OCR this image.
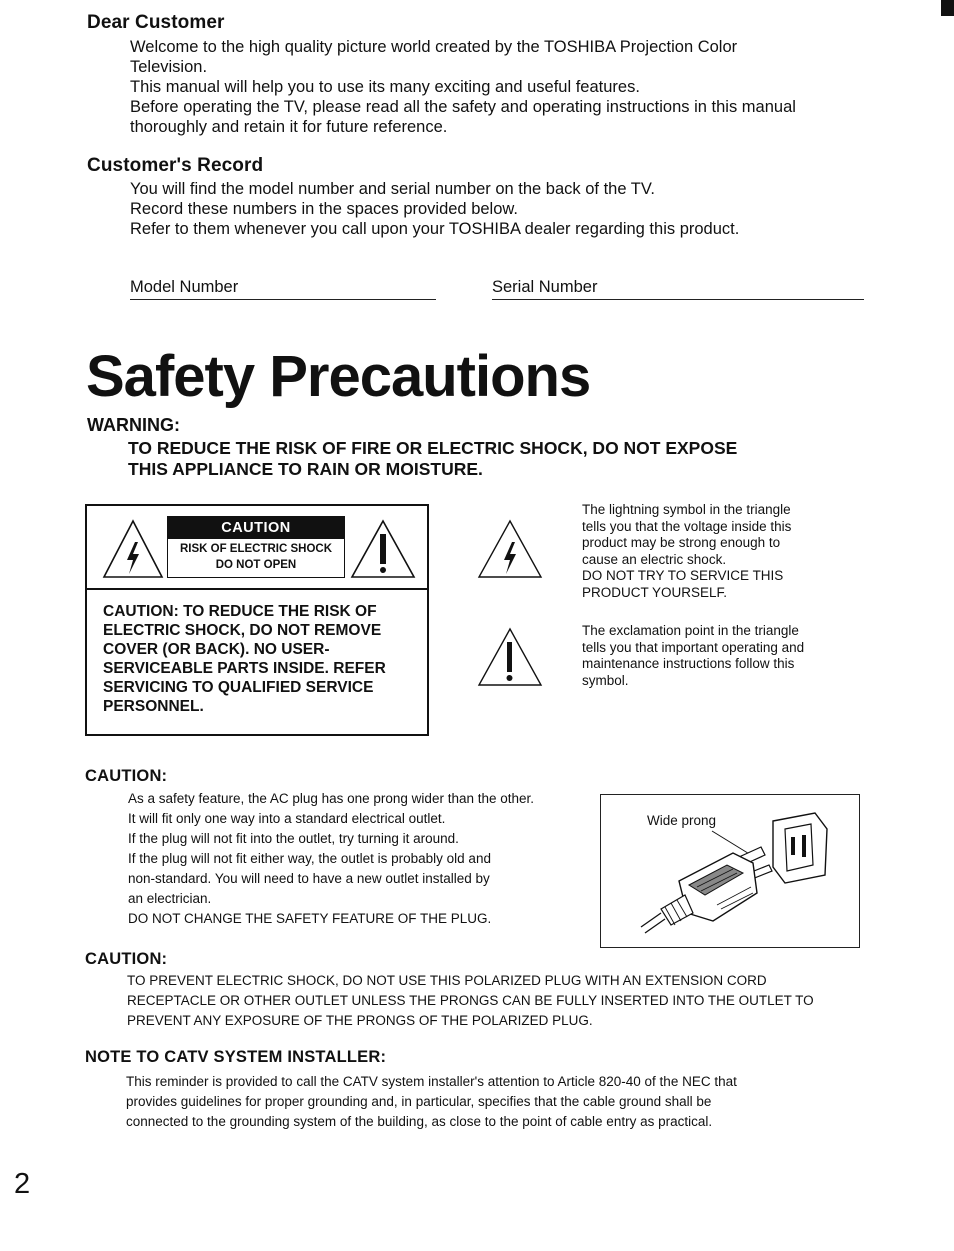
Dear Customer
Welcome to the high quality picture world created by the TOSHIBA Projection Color
Television.
This manual will help you to use its many exciting and useful features.
Before operating the TV, please read all the safety and operating instructions in this manual
thoroughly and retain it for future reference.
Customer's Record
You will find the model number and serial number on the back of the TV.
Record these numbers in the spaces provided below.
Refer to them whenever you call upon your TOSHIBA dealer regarding this product.
Model Number	Serial Number
Safety Precautions
WARNING:
TO REDUCE THE RISK OF FIRE OR ELECTRIC SHOCK, DO NOT EXPOSE
THIS APPLIANCE TO RAIN OR MOISTURE.
CAUTION
RISK OF ELECTRIC SHOCK
DO NOT OPEN
CAUTION: TO REDUCE THE RISK OF
ELECTRIC SHOCK, DO NOT REMOVE
COVER (OR BACK). NO USER-
SERVICEABLE PARTS INSIDE. REFER
SERVICING TO QUALIFIED SERVICE
PERSONNEL.
The lightning symbol in the triangle
tells you that the voltage inside this
product may be strong enough to
cause an electric shock.
DO NOT TRY TO SERVICE THIS
PRODUCT YOURSELF.
The exclamation point in the triangle
tells you that important operating and
maintenance instructions follow this
symbol.
CAUTION:
As a safety feature, the AC plug has one prong wider than the other.
It will fit only one way into a standard electrical outlet.
If the plug will not fit into the outlet, try turning it around.
If the plug will not fit either way, the outlet is probably old and
non-standard. You will need to have a new outlet installed by
an electrician.
DO NOT CHANGE THE SAFETY FEATURE OF THE PLUG.
Wide prong
CAUTION:
TO PREVENT ELECTRIC SHOCK, DO NOT USE THIS POLARIZED PLUG WITH AN EXTENSION CORD
RECEPTACLE OR OTHER OUTLET UNLESS THE PRONGS CAN BE FULLY INSERTED INTO THE OUTLET TO
PREVENT ANY EXPOSURE OF THE PRONGS OF THE POLARIZED PLUG.
NOTE TO CATV SYSTEM INSTALLER:
This reminder is provided to call the CATV system installer's attention to Article 820-40 of the NEC that
provides guidelines for proper grounding and, in particular, specifies that the cable ground shall be
connected to the grounding system of the building, as close to the point of cable entry as practical.
2
